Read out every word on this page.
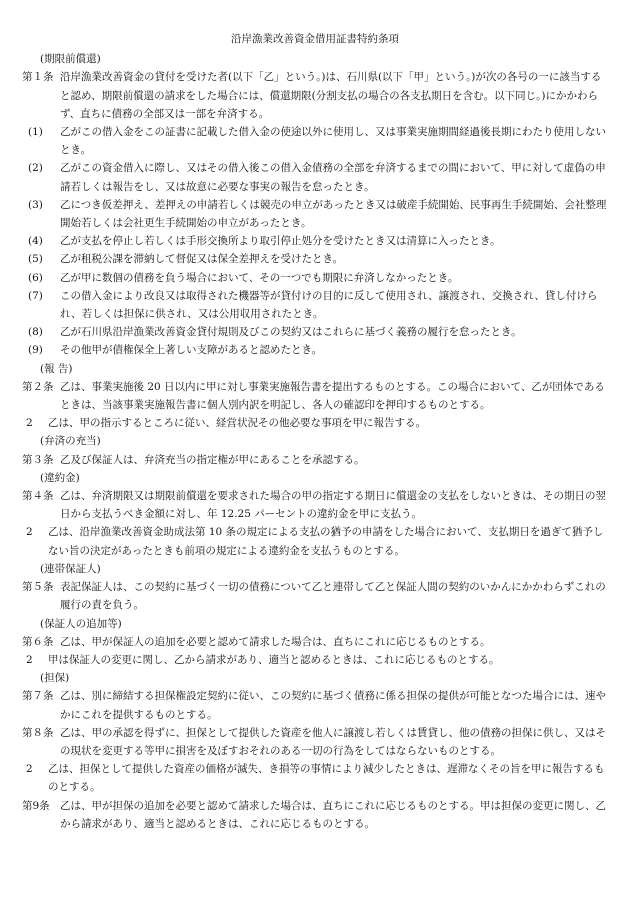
沿岸漁業改善資金借用証書特約条項
(期限前償還)
第１条 沿岸漁業改善資金の貸付を受けた者(以下「乙」という。)は、石川県(以下「甲」という。)が次の各号の一に該当すると認め、期限前償還の請求をした場合には、償還期限(分割支払の場合の各支払期日を含む。以下同じ。)にかかわらず、直ちに債務の全部又は一部を弁済する。
(1) 乙がこの借入金をこの証書に記載した借入金の使途以外に使用し、又は事業実施期間経過後長期にわたり使用しないとき。
(2) 乙がこの資金借入に際し、又はその借入後この借入金債務の全部を弁済するまでの間において、甲に対して虚偽の申請若しくは報告をし、又は故意に必要な事実の報告を怠ったとき。
(3) 乙につき仮差押え、差押えの申請若しくは競売の申立があったとき又は破産手続開始、民事再生手続開始、会社整理開始若しくは会社更生手続開始の申立があったとき。
(4) 乙が支払を停止し若しくは手形交換所より取引停止処分を受けたとき又は清算に入ったとき。
(5) 乙が租税公課を滞納して督促又は保全差押えを受けたとき。
(6) 乙が甲に数個の債務を負う場合において、その一つでも期限に弁済しなかったとき。
(7) この借入金により改良又は取得された機器等が貸付けの目的に反して使用され、譲渡され、交換され、貸し付けられ、若しくは担保に供され、又は公用収用されたとき。
(8) 乙が石川県沿岸漁業改善資金貸付規則及びこの契約又はこれらに基づく義務の履行を怠ったとき。
(9) その他甲が債権保全上著しい支障があると認めたとき。
(報 告)
第２条 乙は、事業実施後 20 日以内に甲に対し事業実施報告書を提出するものとする。この場合において、乙が団体であるときは、当該事業実施報告書に個人別内訳を明記し、各人の確認印を押印するものとする。
2 乙は、甲の指示するところに従い、経営状況その他必要な事項を甲に報告する。
(弁済の充当)
第３条 乙及び保証人は、弁済充当の指定権が甲にあることを承認する。
(違約金)
第４条 乙は、弁済期限又は期限前償還を要求された場合の甲の指定する期日に償還金の支払をしないときは、その期日の翌日から支払うべき金額に対し、年 12.25 パーセントの違約金を甲に支払う。
2 乙は、沿岸漁業改善資金助成法第 10 条の規定による支払の猶予の申請をした場合において、支払期日を過ぎて猶予しない旨の決定があったときも前項の規定による違約金を支払うものとする。
(連帯保証人)
第５条 表記保証人は、この契約に基づく一切の債務について乙と連帯して乙と保証人間の契約のいかんにかかわらずこれの履行の責を負う。
(保証人の追加等)
第６条 乙は、甲が保証人の追加を必要と認めて請求した場合は、直ちにこれに応じるものとする。
2 甲は保証人の変更に関し、乙から請求があり、適当と認めるときは、これに応じるものとする。
(担保)
第７条 乙は、別に締結する担保権設定契約に従い、この契約に基づく債務に係る担保の提供が可能となつた場合には、速やかにこれを提供するものとする。
第８条 乙は、甲の承認を得ずに、担保として提供した資産を他人に譲渡し若しくは賃貸し、他の債務の担保に供し、又はその現状を変更する等甲に損害を及ぼすおそれのある一切の行為をしてはならないものとする。
2 乙は、担保として提供した資産の価格が滅失、き損等の事情により減少したときは、遅滞なくその旨を甲に報告するものとする。
第9条 乙は、甲が担保の追加を必要と認めて請求した場合は、直ちにこれに応じるものとする。甲は担保の変更に関し、乙から請求があり、適当と認めるときは、これに応じるものとする。
